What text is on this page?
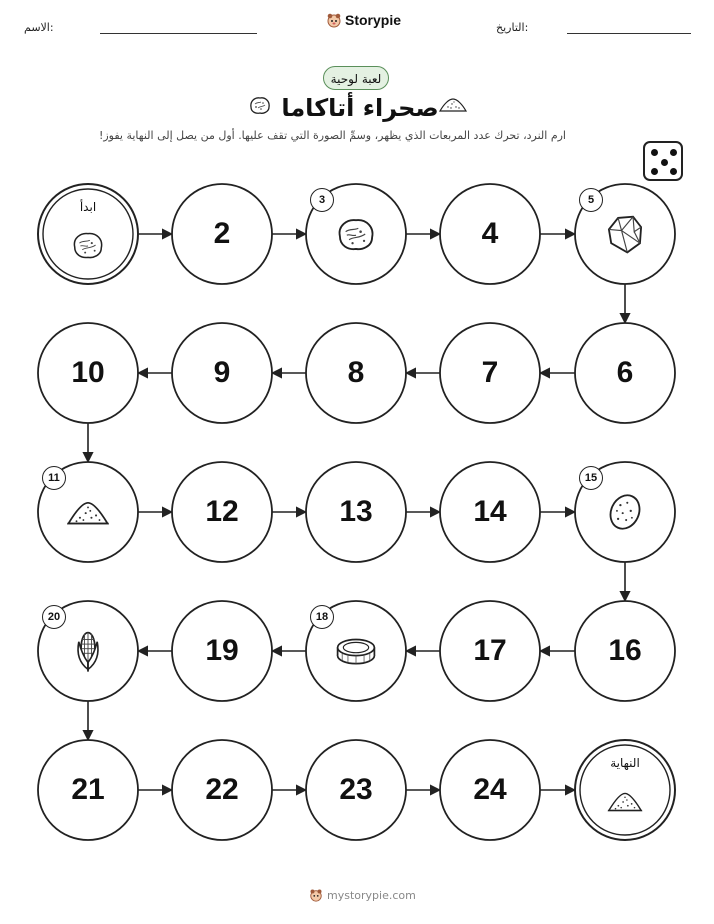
التاريخ:
الاسم:	Storypie
لعبة لوحية
صحراء أتاكاما
ارم النرد، تحرك عدد المربعات الذي يظهر، وسمِّ الصورة التي تقف عليها. أول من يصل إلى النهاية يفوز!
ابدأ
2
3
4
5
6
7
8
9
10
11
12	13	14
15
16
17
18
19
20
21	22	23	24
النهاية
mystorypie.com
